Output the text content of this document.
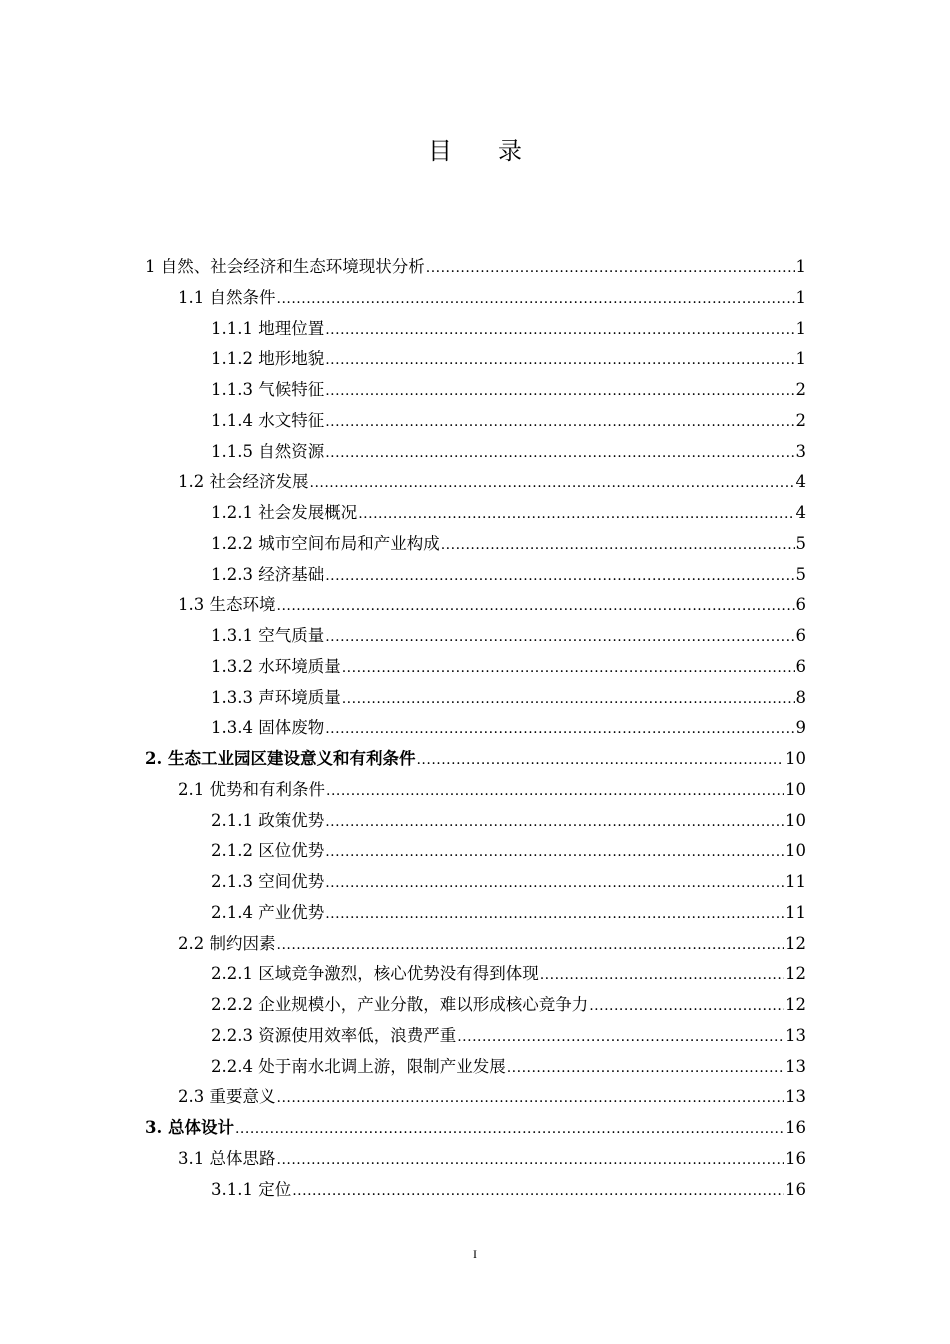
目录
1 自然、社会经济和生态环境现状分析 .....	1
1.1 自然条件 .....	1
1.1.1 地理位置 .....	1
1.1.2 地形地貌 .....	1
1.1.3 气候特征 .....	2
1.1.4 水文特征 .....	2
1.1.5 自然资源 .....	3
1.2 社会经济发展 .....	4
1.2.1 社会发展概况 .....	4
1.2.2 城市空间布局和产业构成 .....	5
1.2.3 经济基础 .....	5
1.3 生态环境 .....	6
1.3.1 空气质量 .....	6
1.3.2 水环境质量 .....	6
1.3.3 声环境质量 .....	8
1.3.4 固体废物 .....	9
2. 生态工业园区建设意义和有利条件 .....	10
2.1 优势和有利条件 .....	10
2.1.1 政策优势 .....	10
2.1.2 区位优势 .....	10
2.1.3 空间优势 .....	11
2.1.4 产业优势 .....	11
2.2 制约因素 .....	12
2.2.1 区域竞争激烈，核心优势没有得到体现 .....	12
2.2.2 企业规模小，产业分散，难以形成核心竞争力 .....	12
2.2.3 资源使用效率低，浪费严重 .....	13
2.2.4 处于南水北调上游，限制产业发展 .....	13
2.3 重要意义 .....	13
3. 总体设计 .....	16
3.1 总体思路 .....	16
3.1.1 定位 .....	16
I
